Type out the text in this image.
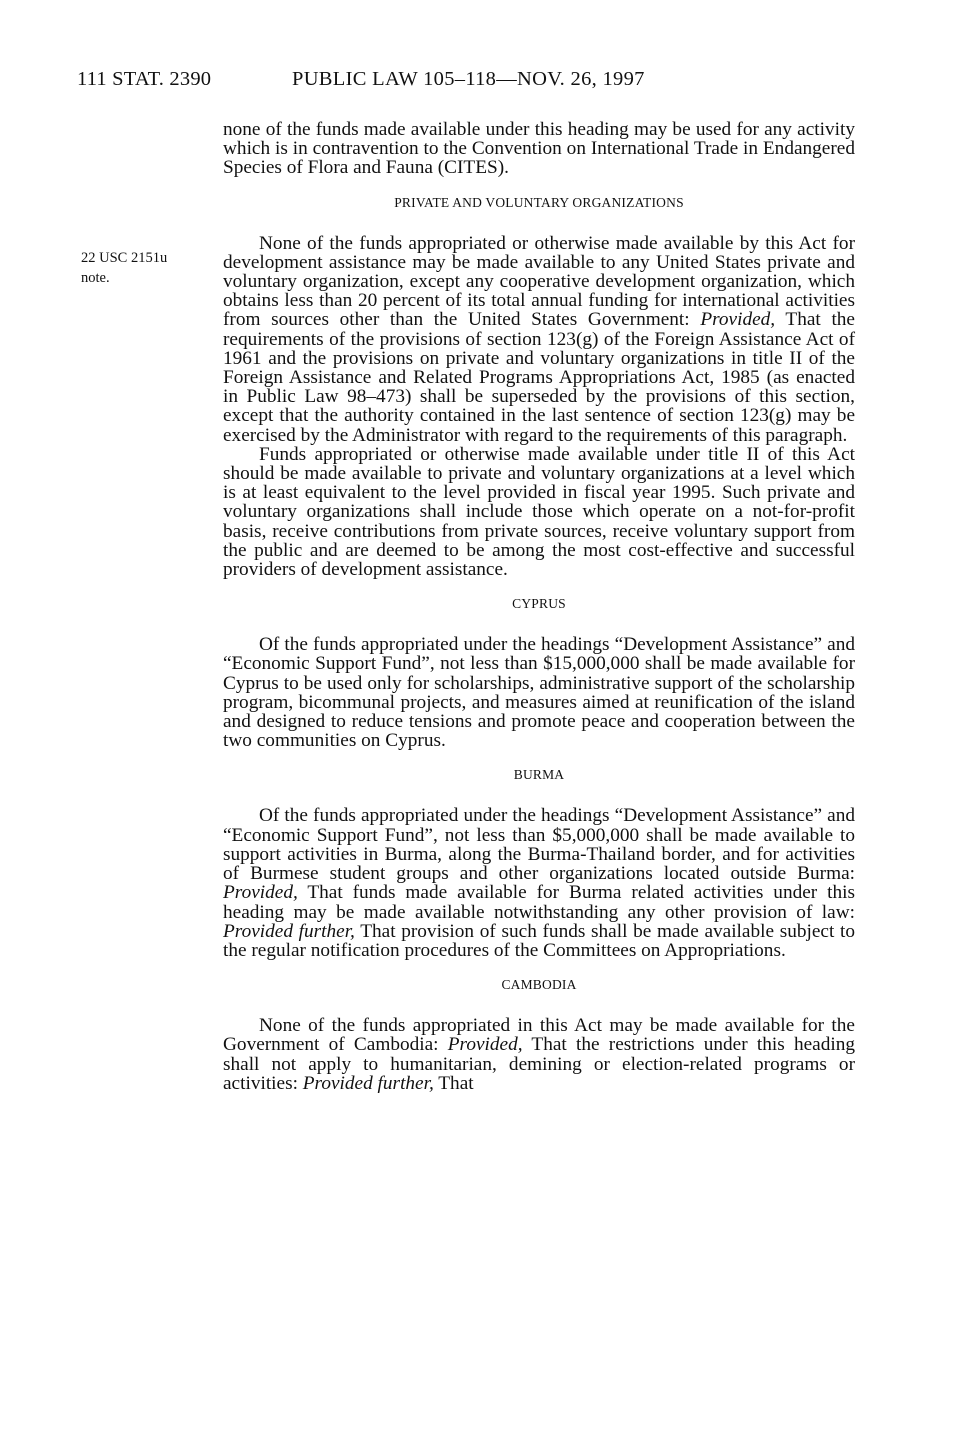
111 STAT. 2390	PUBLIC LAW 105–118—NOV. 26, 1997
22 USC 2151u
note.

none of the funds made available under this heading may be used for any activity which is in contravention to the Convention on International Trade in Endangered Species of Flora and Fauna (CITES).

PRIVATE AND VOLUNTARY ORGANIZATIONS

None of the funds appropriated or otherwise made available by this Act for development assistance may be made available to any United States private and voluntary organization, except any cooperative development organization, which obtains less than 20 percent of its total annual funding for international activities from sources other than the United States Government: Provided, That the requirements of the provisions of section 123(g) of the Foreign Assistance Act of 1961 and the provisions on private and voluntary organizations in title II of the Foreign Assistance and Related Programs Appropriations Act, 1985 (as enacted in Public Law 98–473) shall be superseded by the provisions of this section, except that the authority contained in the last sentence of section 123(g) may be exercised by the Administrator with regard to the requirements of this paragraph.

Funds appropriated or otherwise made available under title II of this Act should be made available to private and voluntary organizations at a level which is at least equivalent to the level provided in fiscal year 1995. Such private and voluntary organizations shall include those which operate on a not-for-profit basis, receive contributions from private sources, receive voluntary support from the public and are deemed to be among the most cost-effective and successful providers of development assistance.

CYPRUS

Of the funds appropriated under the headings “Development Assistance” and “Economic Support Fund”, not less than $15,000,000 shall be made available for Cyprus to be used only for scholarships, administrative support of the scholarship program, bicommunal projects, and measures aimed at reunification of the island and designed to reduce tensions and promote peace and cooperation between the two communities on Cyprus.

BURMA

Of the funds appropriated under the headings “Development Assistance” and “Economic Support Fund”, not less than $5,000,000 shall be made available to support activities in Burma, along the Burma-Thailand border, and for activities of Burmese student groups and other organizations located outside Burma: Provided, That funds made available for Burma related activities under this heading may be made available notwithstanding any other provision of law: Provided further, That provision of such funds shall be made available subject to the regular notification procedures of the Committees on Appropriations.

CAMBODIA

None of the funds appropriated in this Act may be made available for the Government of Cambodia: Provided, That the restrictions under this heading shall not apply to humanitarian, demining or election-related programs or activities: Provided further, That
